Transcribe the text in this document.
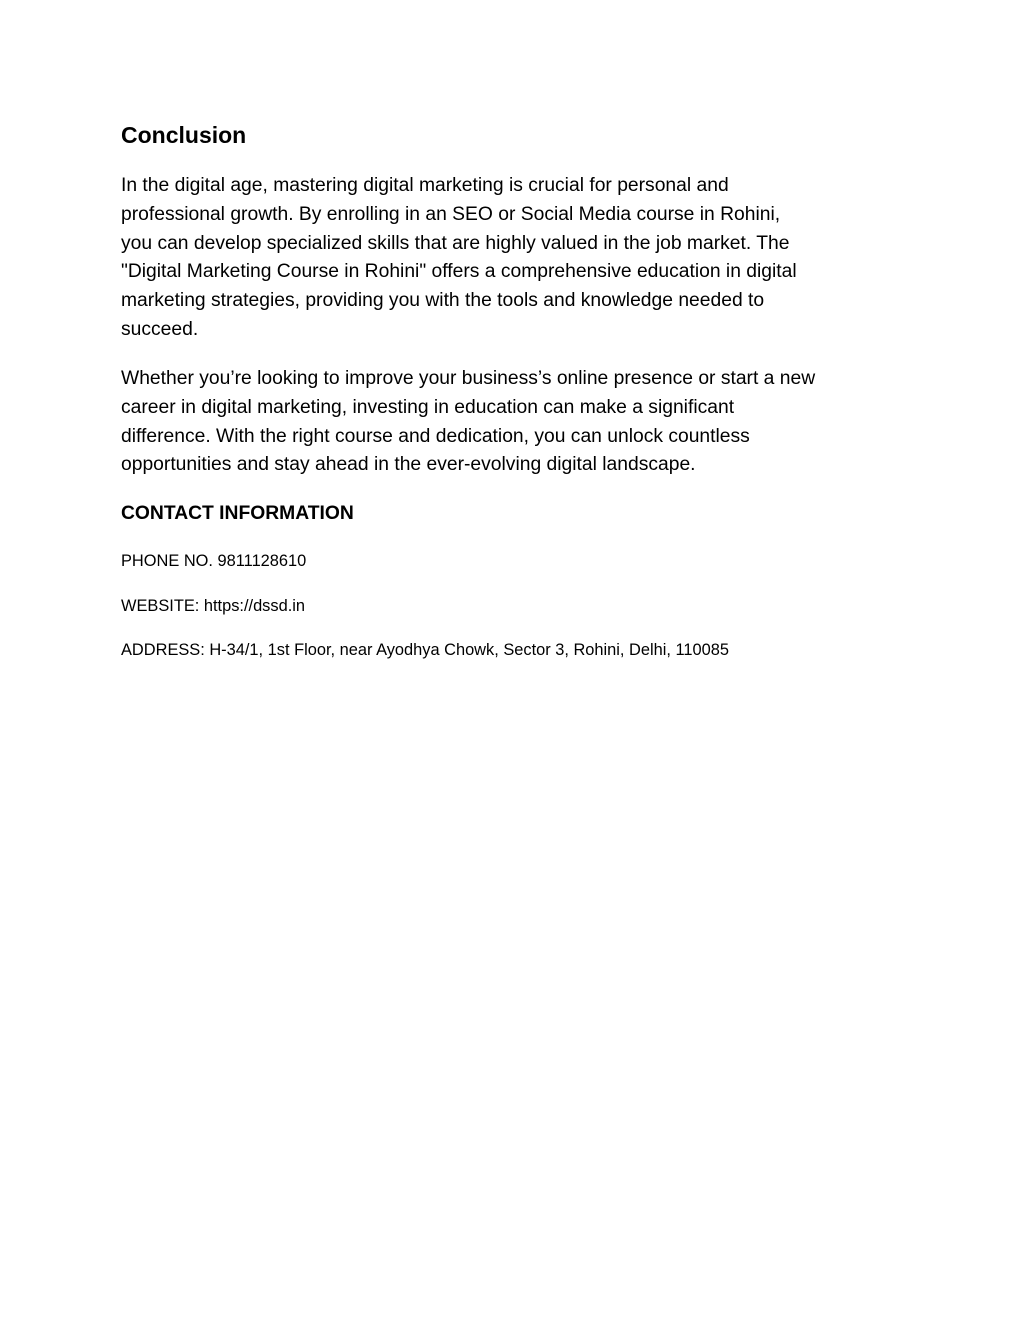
Conclusion

In the digital age, mastering digital marketing is crucial for personal and
professional growth. By enrolling in an SEO or Social Media course in Rohini,
you can develop specialized skills that are highly valued in the job market. The
"Digital Marketing Course in Rohini" offers a comprehensive education in digital
marketing strategies, providing you with the tools and knowledge needed to
succeed.

Whether you’re looking to improve your business’s online presence or start a new
career in digital marketing, investing in education can make a significant
difference. With the right course and dedication, you can unlock countless
opportunities and stay ahead in the ever-evolving digital landscape.

CONTACT INFORMATION

PHONE NO. 9811128610

WEBSITE: https://dssd.in

ADDRESS: H-34/1, 1st Floor, near Ayodhya Chowk, Sector 3, Rohini, Delhi, 110085
